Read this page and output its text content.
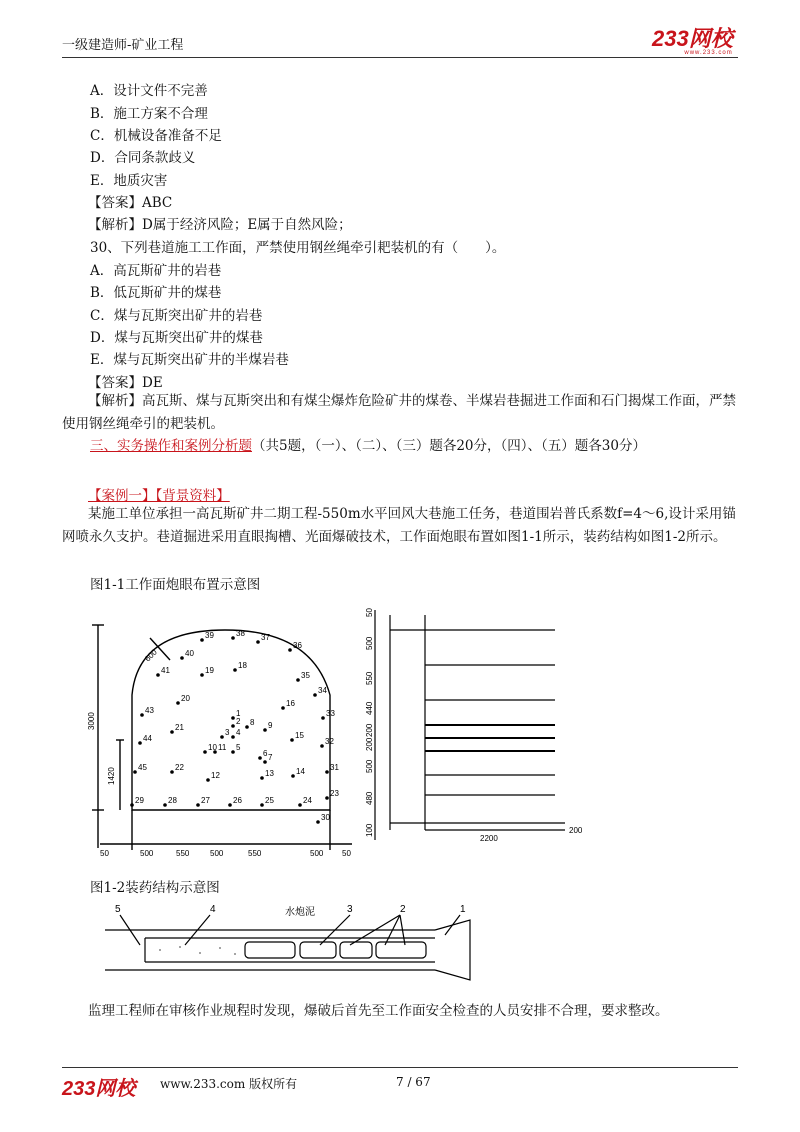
一级建造师-矿业工程	233网校
www.233.com
A．设计文件不完善
B．施工方案不合理
C．机械设备准备不足
D．合同条款歧义
E．地质灾害
【答案】ABC
【解析】D属于经济风险；E属于自然风险；
30、下列巷道施工工作面，严禁使用钢丝绳牵引耙装机的有（　　）。
A．高瓦斯矿井的岩巷
B．低瓦斯矿井的煤巷
C．煤与瓦斯突出矿井的岩巷
D．煤与瓦斯突出矿井的煤巷
E．煤与瓦斯突出矿井的半煤岩巷
【答案】DE
【解析】高瓦斯、煤与瓦斯突出和有煤尘爆炸危险矿井的煤卷、半煤岩巷掘进工作面和石门揭煤工作面，严禁使用钢丝绳牵引的耙装机。
三、实务操作和案例分析题（共5题，（一）、（二）、（三）题各20分，（四）、（五）题各30分）
【案例一】【背景资料】
某施工单位承担一高瓦斯矿井二期工程-550m水平回风大巷施工任务，巷道围岩普氏系数f=4～6,设计采用锚网喷永久支护。巷道掘进采用直眼掏槽、光面爆破技术，工作面炮眼布置如图1-1所示，装药结构如图1-2所示。
图1-1工作面炮眼布置示意图
3000
1420
600
50	500	550	500	550	500 50
39	38 37
40
36
41	19
18
35
43
20
34
1
2
3 4
8 9
33
21
16
15
44	32
10 11 5
6 7
45	22
12	13	14	31
29	28	27	26	25	24
23
30
50
500
550
440
200
200
500
480
100
2200
200
图1-2装药结构示意图
5	4	水炮泥	3	2	1
监理工程师在审核作业规程时发现，爆破后首先至工作面安全检查的人员安排不合理，要求整改。
233网校 www.233.com 版权所有	7 / 67
